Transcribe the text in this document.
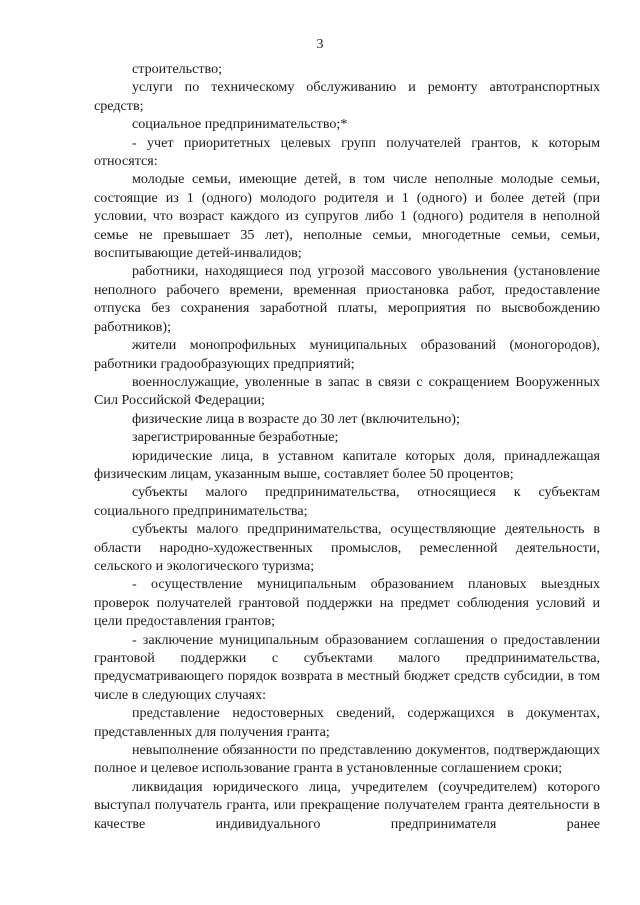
3

строительство;

услуги по техническому обслуживанию и ремонту автотранспортных средств;

социальное предпринимательство;*

- учет приоритетных целевых групп получателей грантов, к которым относятся:

молодые семьи, имеющие детей, в том числе неполные молодые семьи, состоящие из 1 (одного) молодого родителя и 1 (одного) и более детей (при условии, что возраст каждого из супругов либо 1 (одного) родителя в неполной семье не превышает 35 лет), неполные семьи, многодетные семьи, семьи, воспитывающие детей-инвалидов;

работники, находящиеся под угрозой массового увольнения (установление неполного рабочего времени, временная приостановка работ, предоставление отпуска без сохранения заработной платы, мероприятия по высвобождению работников);

жители монопрофильных муниципальных образований (моногородов), работники градообразующих предприятий;

военнослужащие, уволенные в запас в связи с сокращением Вооруженных Сил Российской Федерации;

физические лица в возрасте до 30 лет (включительно);

зарегистрированные безработные;

юридические лица, в уставном капитале которых доля, принадлежащая физическим лицам, указанным выше, составляет более 50 процентов;

субъекты малого предпринимательства, относящиеся к субъектам социального предпринимательства;

субъекты малого предпринимательства, осуществляющие деятельность в области народно-художественных промыслов, ремесленной деятельности, сельского и экологического туризма;

- осуществление муниципальным образованием плановых выездных проверок получателей грантовой поддержки на предмет соблюдения условий и цели предоставления грантов;

- заключение муниципальным образованием соглашения о предоставлении грантовой поддержки с субъектами малого предпринимательства, предусматривающего порядок возврата в местный бюджет средств субсидии, в том числе в следующих случаях:

представление недостоверных сведений, содержащихся в документах, представленных для получения гранта;

невыполнение обязанности по представлению документов, подтверждающих полное и целевое использование гранта в установленные соглашением сроки;

ликвидация юридического лица, учредителем (соучредителем) которого выступал получатель гранта, или прекращение получателем гранта деятельности в качестве индивидуального предпринимателя ранее
